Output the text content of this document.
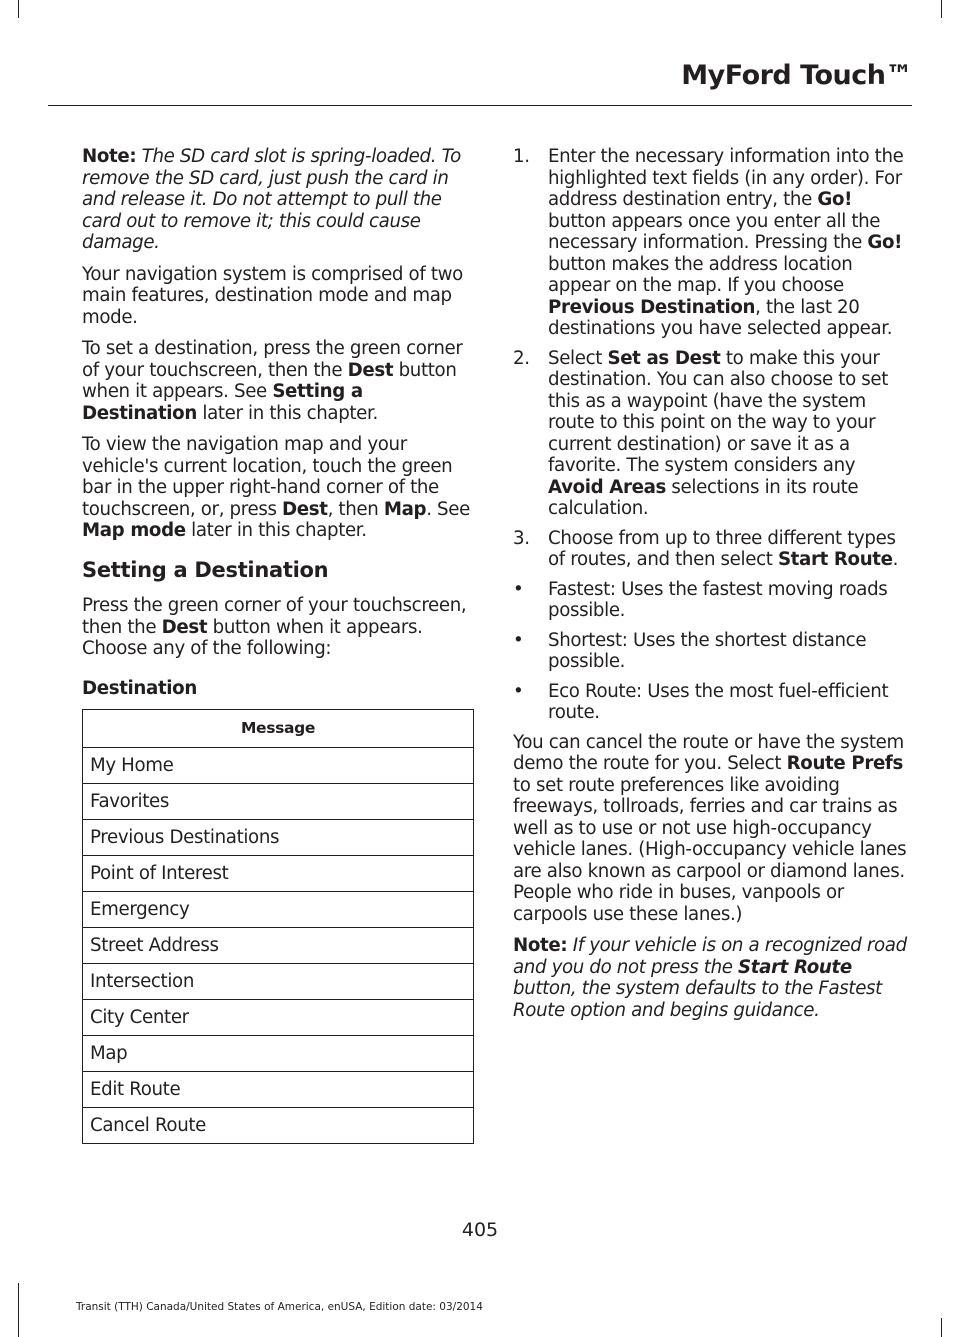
MyFord Touch™

Note: The SD card slot is spring-loaded. To remove the SD card, just push the card in and release it. Do not attempt to pull the card out to remove it; this could cause damage.

Your navigation system is comprised of two main features, destination mode and map mode.

To set a destination, press the green corner of your touchscreen, then the Dest button when it appears. See Setting a Destination later in this chapter.

To view the navigation map and your vehicle's current location, touch the green bar in the upper right-hand corner of the touchscreen, or, press Dest, then Map. See Map mode later in this chapter.

Setting a Destination

Press the green corner of your touchscreen, then the Dest button when it appears. Choose any of the following:

Destination
Message
My Home
Favorites
Previous Destinations
Point of Interest
Emergency
Street Address
Intersection
City Center
Map
Edit Route
Cancel Route
1. Enter the necessary information into the highlighted text fields (in any order). For address destination entry, the Go! button appears once you enter all the necessary information. Pressing the Go! button makes the address location appear on the map. If you choose Previous Destination, the last 20 destinations you have selected appear.
2. Select Set as Dest to make this your destination. You can also choose to set this as a waypoint (have the system route to this point on the way to your current destination) or save it as a favorite. The system considers any Avoid Areas selections in its route calculation.
3. Choose from up to three different types of routes, and then select Start Route.
• Fastest: Uses the fastest moving roads possible.
• Shortest: Uses the shortest distance possible.
• Eco Route: Uses the most fuel-efficient route.

You can cancel the route or have the system demo the route for you. Select Route Prefs to set route preferences like avoiding freeways, tollroads, ferries and car trains as well as to use or not use high-occupancy vehicle lanes. (High-occupancy vehicle lanes are also known as carpool or diamond lanes. People who ride in buses, vanpools or carpools use these lanes.)

Note: If your vehicle is on a recognized road and you do not press the Start Route button, the system defaults to the Fastest Route option and begins guidance.

405
Transit (TTH) Canada/United States of America, enUSA, Edition date: 03/2014
